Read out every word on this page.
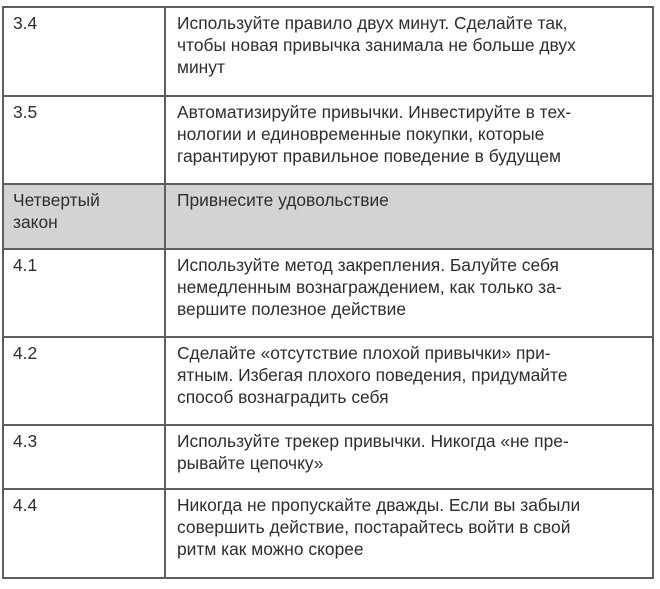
3.4	Используйте правило двух минут. Сделайте так,
чтобы новая привычка занимала не больше двух
минут

3.5	Автоматизируйте привычки. Инвестируйте в тех-
нологии и единовременные покупки, которые
гарантируют правильное поведение в будущем

Четвертый
закон	Привнесите удовольствие

4.1	Используйте метод закрепления. Балуйте себя
немедленным вознаграждением, как только за-
вершите полезное действие

4.2	Сделайте «отсутствие плохой привычки» при-
ятным. Избегая плохого поведения, придумайте
способ вознаградить себя

4.3	Используйте трекер привычки. Никогда «не пре-
рывайте цепочку»

4.4	Никогда не пропускайте дважды. Если вы забыли
совершить действие, постарайтесь войти в свой
ритм как можно скорее
